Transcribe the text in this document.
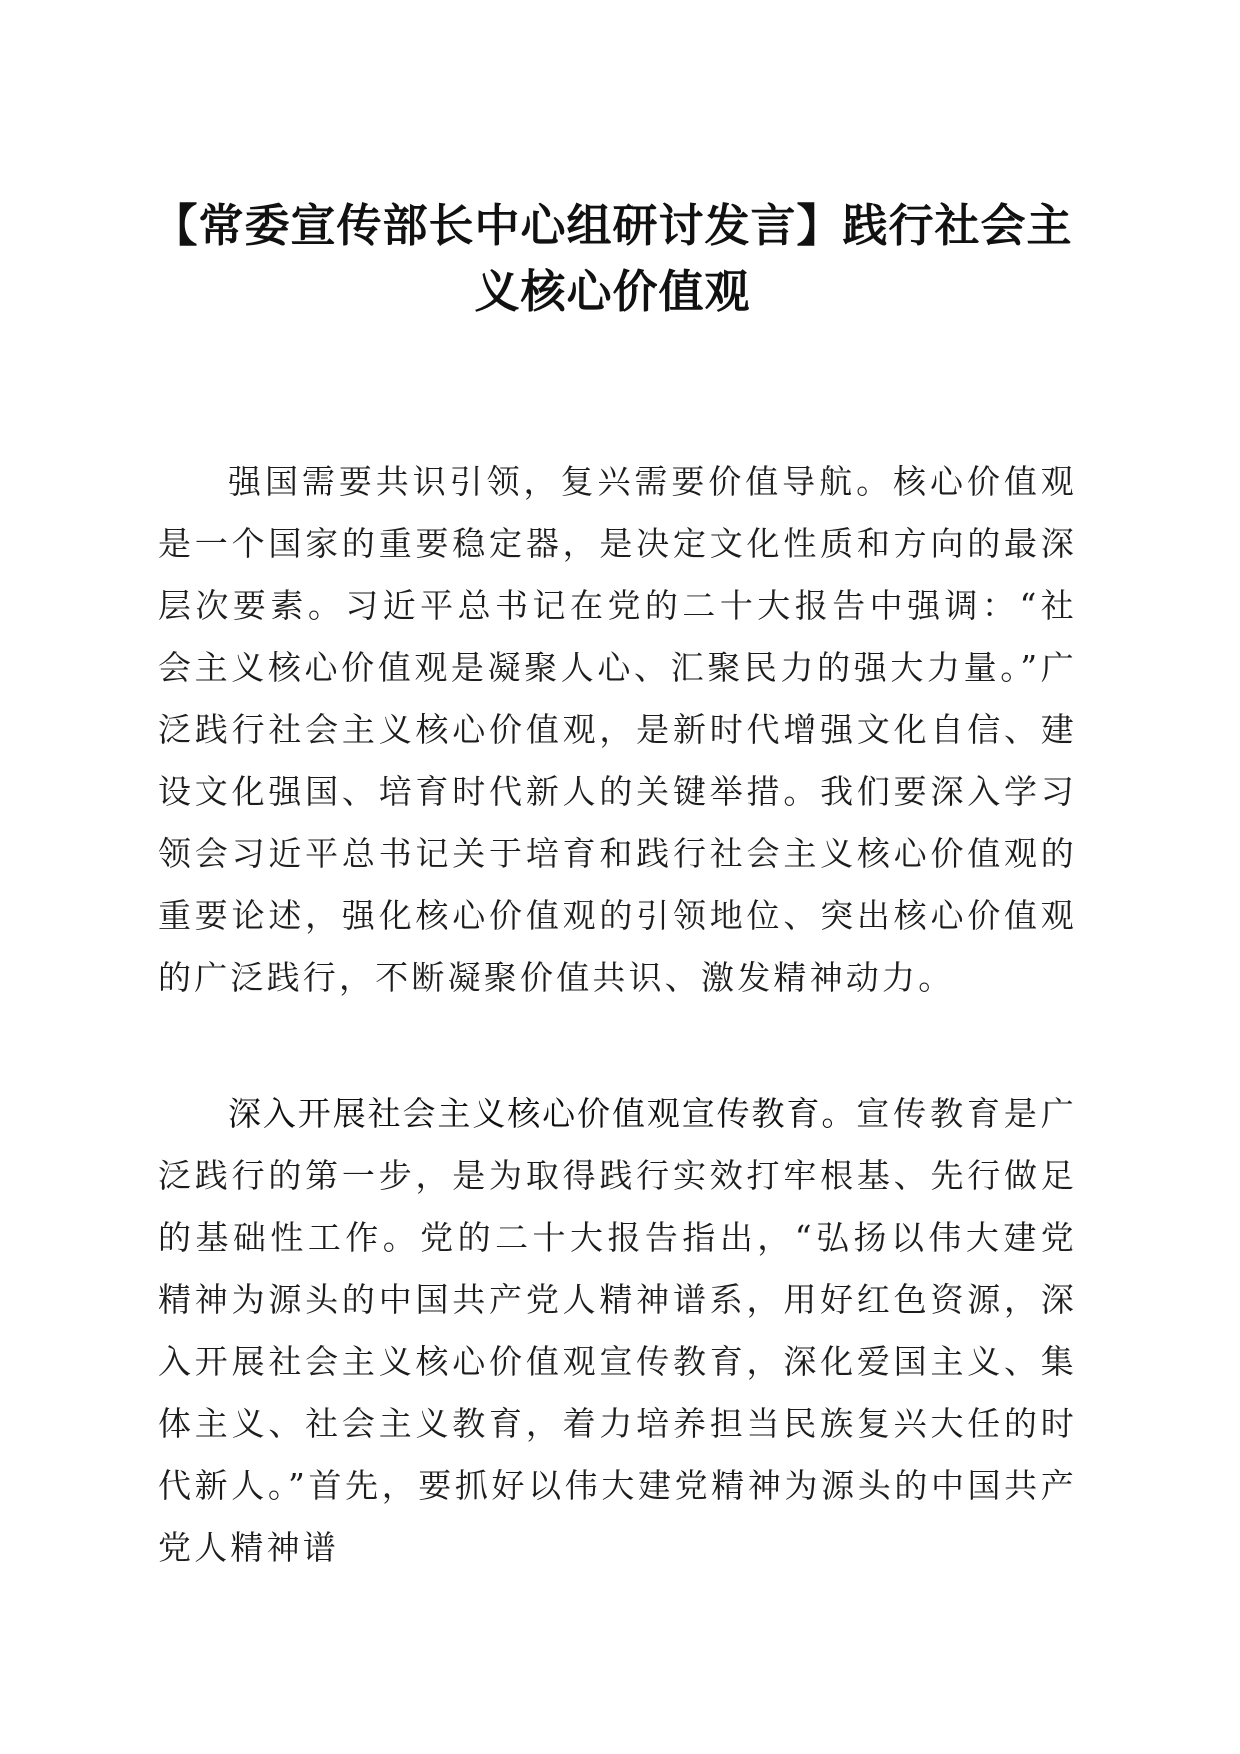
【常委宣传部长中心组研讨发言】践行社会主义核心价值观

强国需要共识引领，复兴需要价值导航。核心价值观是一个国家的重要稳定器，是决定文化性质和方向的最深层次要素。习近平总书记在党的二十大报告中强调：“社会主义核心价值观是凝聚人心、汇聚民力的强大力量。”广泛践行社会主义核心价值观，是新时代增强文化自信、建设文化强国、培育时代新人的关键举措。我们要深入学习领会习近平总书记关于培育和践行社会主义核心价值观的重要论述，强化核心价值观的引领地位、突出核心价值观的广泛践行，不断凝聚价值共识、激发精神动力。

深入开展社会主义核心价值观宣传教育。宣传教育是广泛践行的第一步，是为取得践行实效打牢根基、先行做足的基础性工作。党的二十大报告指出，“弘扬以伟大建党精神为源头的中国共产党人精神谱系，用好红色资源，深入开展社会主义核心价值观宣传教育，深化爱国主义、集体主义、社会主义教育，着力培养担当民族复兴大任的时代新人。”首先，要抓好以伟大建党精神为源头的中国共产党人精神谱
